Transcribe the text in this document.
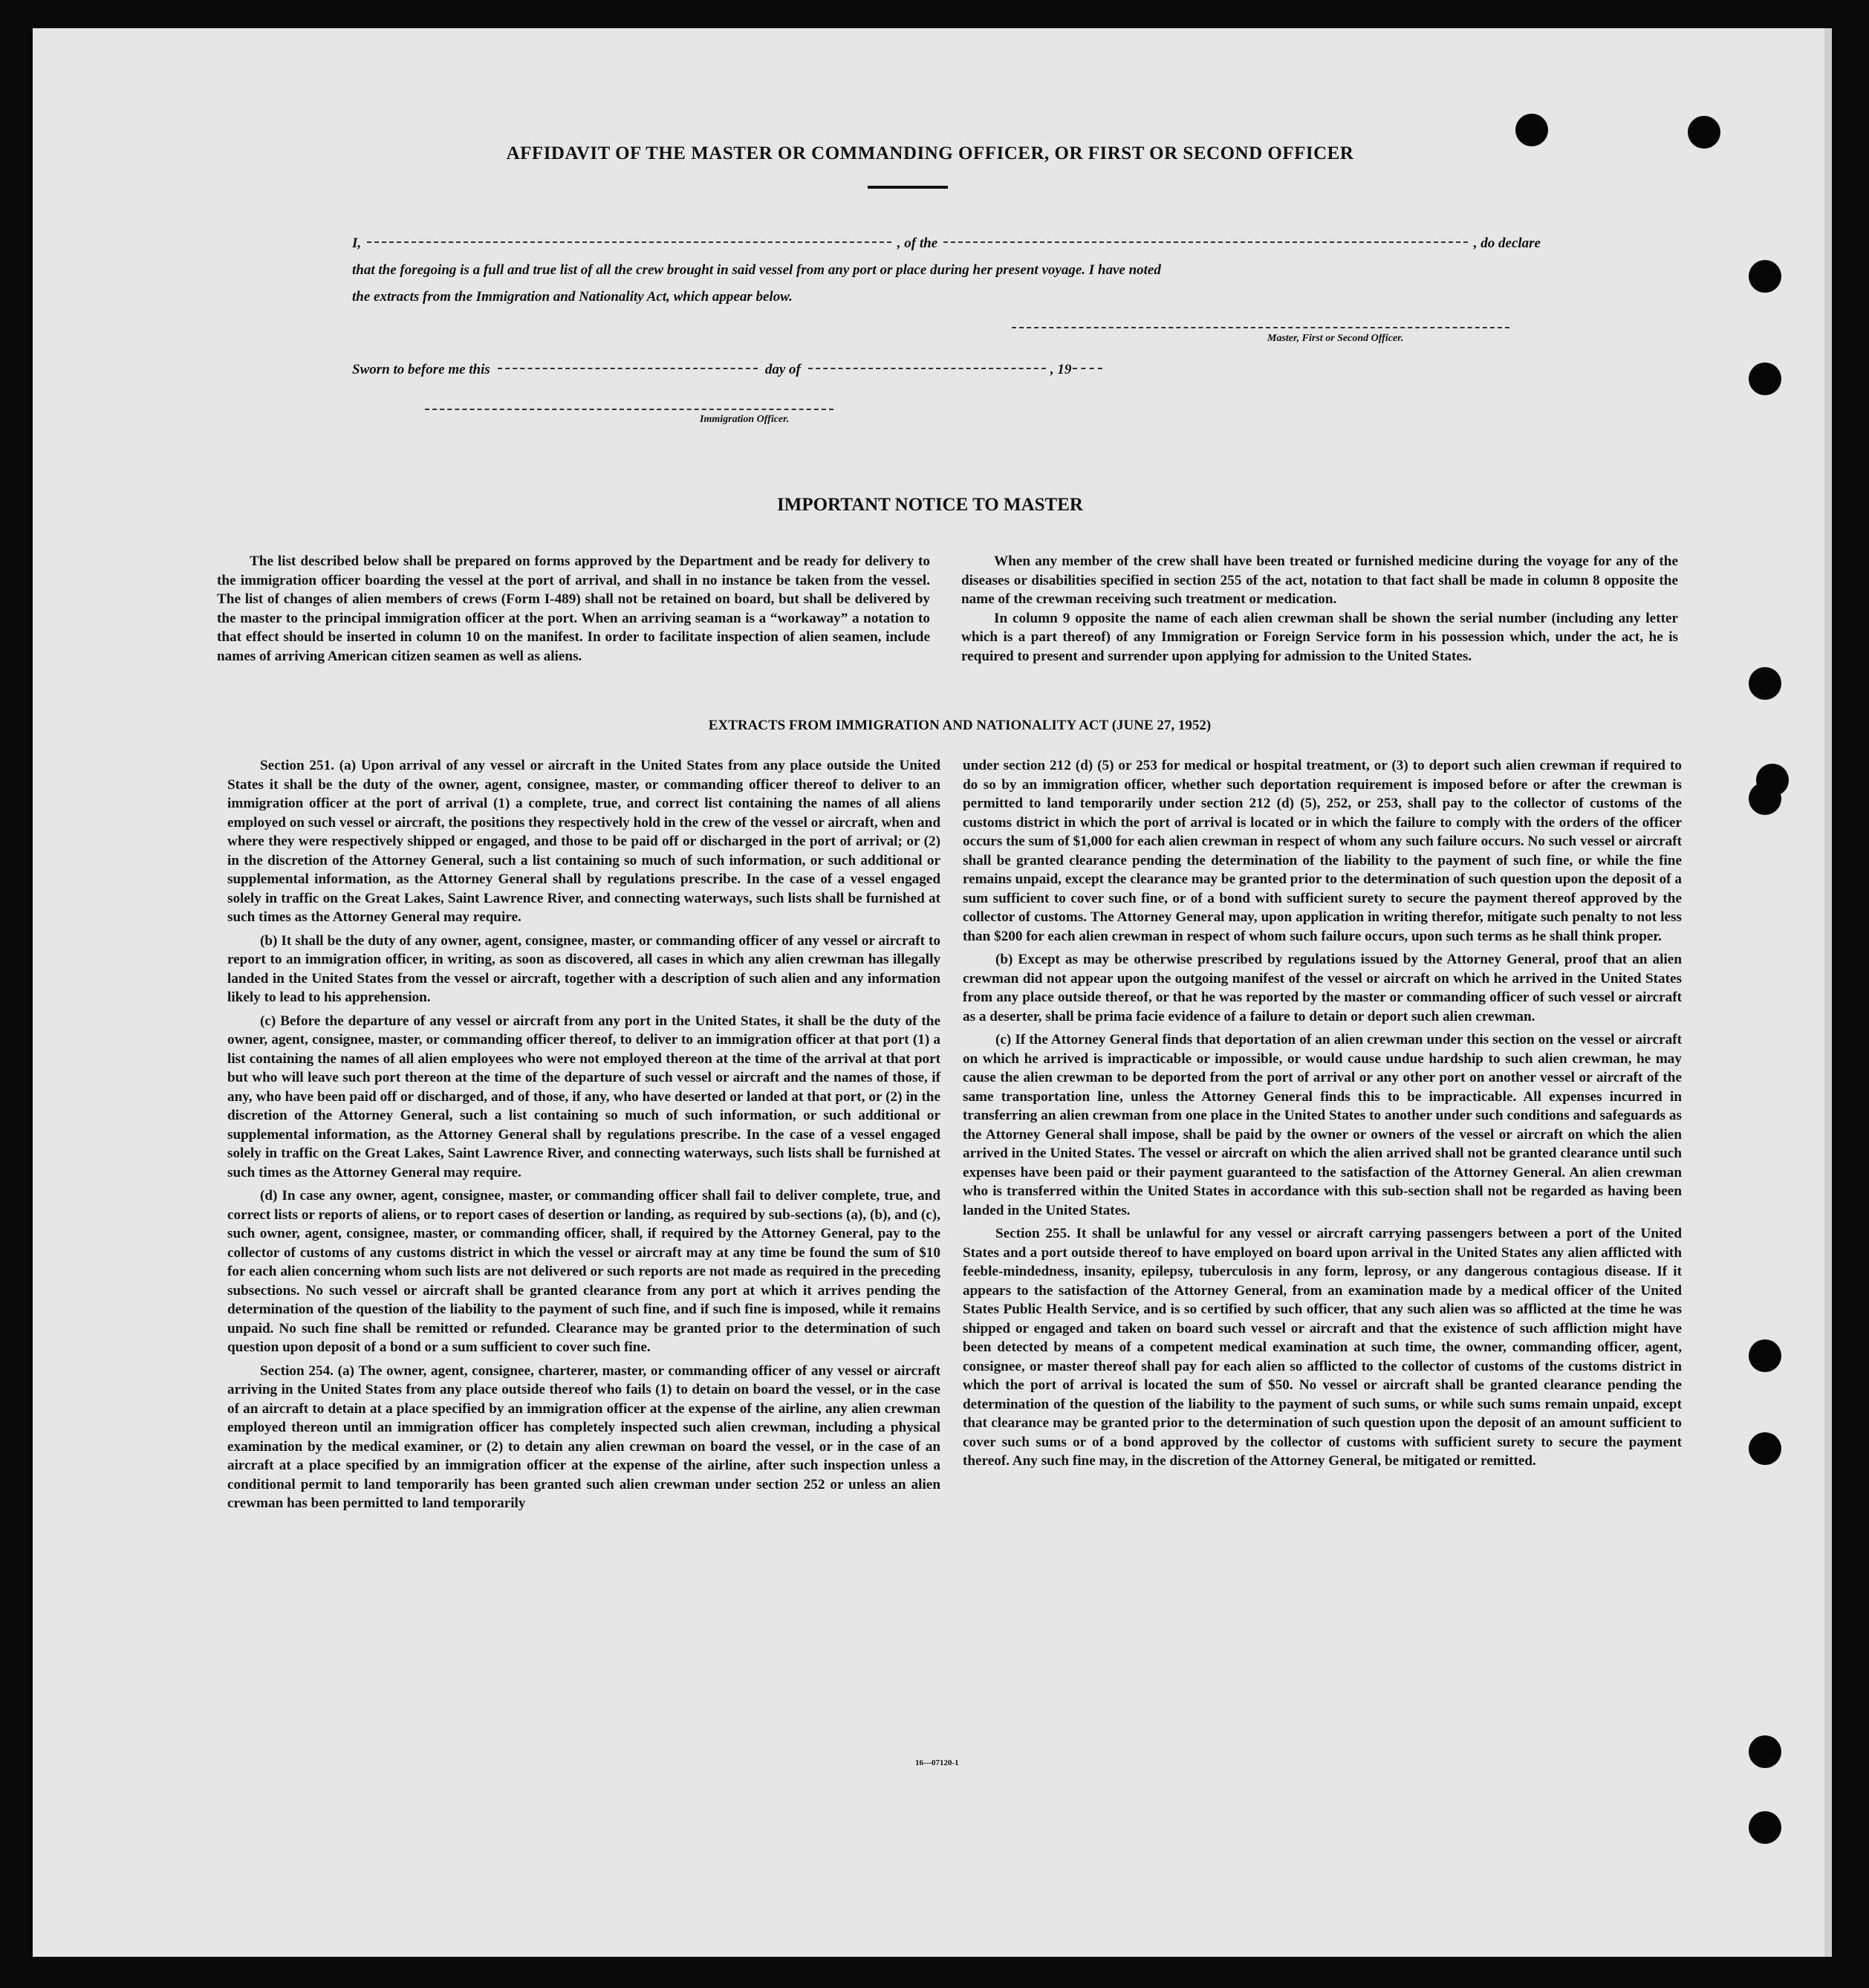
AFFIDAVIT OF THE MASTER OR COMMANDING OFFICER, OR FIRST OR SECOND OFFICER
I,	, of the	, do declare
that the foregoing is a full and true list of all the crew brought in said vessel from any port or place during her present voyage. I have noted
the extracts from the Immigration and Nationality Act, which appear below.
Master, First or Second Officer.
Sworn to before me this	day of	, 19
Immigration Officer.
IMPORTANT NOTICE TO MASTER

The list described below shall be prepared on forms approved by the Department and be ready for delivery to the immigration officer boarding the vessel at the port of arrival, and shall in no instance be taken from the vessel. The list of changes of alien members of crews (Form I-489) shall not be retained on board, but shall be delivered by the master to the principal immigration officer at the port. When an arriving seaman is a “workaway” a notation to that effect should be inserted in column 10 on the manifest. In order to facilitate inspection of alien seamen, include names of arriving American citizen seamen as well as aliens.

When any member of the crew shall have been treated or furnished medicine during the voyage for any of the diseases or disabilities specified in section 255 of the act, notation to that fact shall be made in column 8 opposite the name of the crewman receiving such treatment or medication.

In column 9 opposite the name of each alien crewman shall be shown the serial number (including any letter which is a part thereof) of any Immigration or Foreign Service form in his possession which, under the act, he is required to present and surrender upon applying for admission to the United States.

EXTRACTS FROM IMMIGRATION AND NATIONALITY ACT (JUNE 27, 1952)

Section 251. (a) Upon arrival of any vessel or aircraft in the United States from any place outside the United States it shall be the duty of the owner, agent, consignee, master, or commanding officer thereof to deliver to an immigration officer at the port of arrival (1) a complete, true, and correct list containing the names of all aliens employed on such vessel or aircraft, the positions they respectively hold in the crew of the vessel or aircraft, when and where they were respectively shipped or engaged, and those to be paid off or discharged in the port of arrival; or (2) in the discretion of the Attorney General, such a list containing so much of such information, or such additional or supplemental information, as the Attorney General shall by regulations prescribe. In the case of a vessel engaged solely in traffic on the Great Lakes, Saint Lawrence River, and connecting waterways, such lists shall be furnished at such times as the Attorney General may require.

(b) It shall be the duty of any owner, agent, consignee, master, or commanding officer of any vessel or aircraft to report to an immigration officer, in writing, as soon as discovered, all cases in which any alien crewman has illegally landed in the United States from the vessel or aircraft, together with a description of such alien and any information likely to lead to his apprehension.

(c) Before the departure of any vessel or aircraft from any port in the United States, it shall be the duty of the owner, agent, consignee, master, or commanding officer thereof, to deliver to an immigration officer at that port (1) a list containing the names of all alien employees who were not employed thereon at the time of the arrival at that port but who will leave such port thereon at the time of the departure of such vessel or aircraft and the names of those, if any, who have been paid off or discharged, and of those, if any, who have deserted or landed at that port, or (2) in the discretion of the Attorney General, such a list containing so much of such information, or such additional or supplemental information, as the Attorney General shall by regulations prescribe. In the case of a vessel engaged solely in traffic on the Great Lakes, Saint Lawrence River, and connecting waterways, such lists shall be furnished at such times as the Attorney General may require.

(d) In case any owner, agent, consignee, master, or commanding officer shall fail to deliver complete, true, and correct lists or reports of aliens, or to report cases of desertion or landing, as required by sub-sections (a), (b), and (c), such owner, agent, consignee, master, or commanding officer, shall, if required by the Attorney General, pay to the collector of customs of any customs district in which the vessel or aircraft may at any time be found the sum of $10 for each alien concerning whom such lists are not delivered or such reports are not made as required in the preceding subsections. No such vessel or aircraft shall be granted clearance from any port at which it arrives pending the determination of the question of the liability to the payment of such fine, and if such fine is imposed, while it remains unpaid. No such fine shall be remitted or refunded. Clearance may be granted prior to the determination of such question upon deposit of a bond or a sum sufficient to cover such fine.

Section 254. (a) The owner, agent, consignee, charterer, master, or commanding officer of any vessel or aircraft arriving in the United States from any place outside thereof who fails (1) to detain on board the vessel, or in the case of an aircraft to detain at a place specified by an immigration officer at the expense of the airline, any alien crewman employed thereon until an immigration officer has completely inspected such alien crewman, including a physical examination by the medical examiner, or (2) to detain any alien crewman on board the vessel, or in the case of an aircraft at a place specified by an immigration officer at the expense of the airline, after such inspection unless a conditional permit to land temporarily has been granted such alien crewman under section 252 or unless an alien crewman has been permitted to land temporarily

under section 212 (d) (5) or 253 for medical or hospital treatment, or (3) to deport such alien crewman if required to do so by an immigration officer, whether such deportation requirement is imposed before or after the crewman is permitted to land temporarily under section 212 (d) (5), 252, or 253, shall pay to the collector of customs of the customs district in which the port of arrival is located or in which the failure to comply with the orders of the officer occurs the sum of $1,000 for each alien crewman in respect of whom any such failure occurs. No such vessel or aircraft shall be granted clearance pending the determination of the liability to the payment of such fine, or while the fine remains unpaid, except the clearance may be granted prior to the determination of such question upon the deposit of a sum sufficient to cover such fine, or of a bond with sufficient surety to secure the payment thereof approved by the collector of customs. The Attorney General may, upon application in writing therefor, mitigate such penalty to not less than $200 for each alien crewman in respect of whom such failure occurs, upon such terms as he shall think proper.

(b) Except as may be otherwise prescribed by regulations issued by the Attorney General, proof that an alien crewman did not appear upon the outgoing manifest of the vessel or aircraft on which he arrived in the United States from any place outside thereof, or that he was reported by the master or commanding officer of such vessel or aircraft as a deserter, shall be prima facie evidence of a failure to detain or deport such alien crewman.

(c) If the Attorney General finds that deportation of an alien crewman under this section on the vessel or aircraft on which he arrived is impracticable or impossible, or would cause undue hardship to such alien crewman, he may cause the alien crewman to be deported from the port of arrival or any other port on another vessel or aircraft of the same transportation line, unless the Attorney General finds this to be impracticable. All expenses incurred in transferring an alien crewman from one place in the United States to another under such conditions and safeguards as the Attorney General shall impose, shall be paid by the owner or owners of the vessel or aircraft on which the alien arrived in the United States. The vessel or aircraft on which the alien arrived shall not be granted clearance until such expenses have been paid or their payment guaranteed to the satisfaction of the Attorney General. An alien crewman who is transferred within the United States in accordance with this sub-section shall not be regarded as having been landed in the United States.

Section 255. It shall be unlawful for any vessel or aircraft carrying passengers between a port of the United States and a port outside thereof to have employed on board upon arrival in the United States any alien afflicted with feeble-mindedness, insanity, epilepsy, tuberculosis in any form, leprosy, or any dangerous contagious disease. If it appears to the satisfaction of the Attorney General, from an examination made by a medical officer of the United States Public Health Service, and is so certified by such officer, that any such alien was so afflicted at the time he was shipped or engaged and taken on board such vessel or aircraft and that the existence of such affliction might have been detected by means of a competent medical examination at such time, the owner, commanding officer, agent, consignee, or master thereof shall pay for each alien so afflicted to the collector of customs of the customs district in which the port of arrival is located the sum of $50. No vessel or aircraft shall be granted clearance pending the determination of the question of the liability to the payment of such sums, or while such sums remain unpaid, except that clearance may be granted prior to the determination of such question upon the deposit of an amount sufficient to cover such sums or of a bond approved by the collector of customs with sufficient surety to secure the payment thereof. Any such fine may, in the discretion of the Attorney General, be mitigated or remitted.

16—07120-1
